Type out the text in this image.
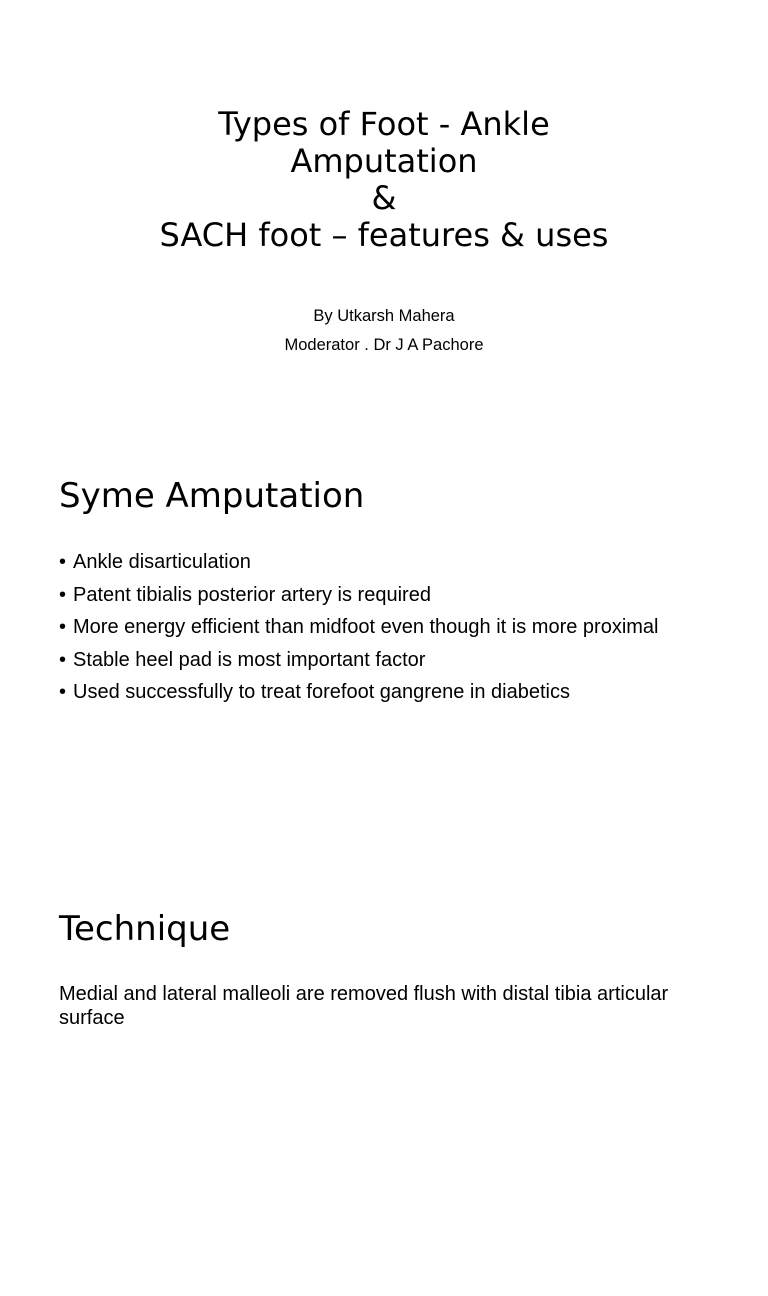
Types of Foot - Ankle
Amputation
&
SACH foot – features & uses
By Utkarsh Mahera
Moderator . Dr J A Pachore
Syme Amputation
• Ankle disarticulation
• Patent tibialis posterior artery is required
• More energy efficient than midfoot even though it is more proximal
• Stable heel pad is most important factor
• Used successfully to treat forefoot gangrene in diabetics
Technique

Medial and lateral malleoli are removed flush with distal tibia articular surface
